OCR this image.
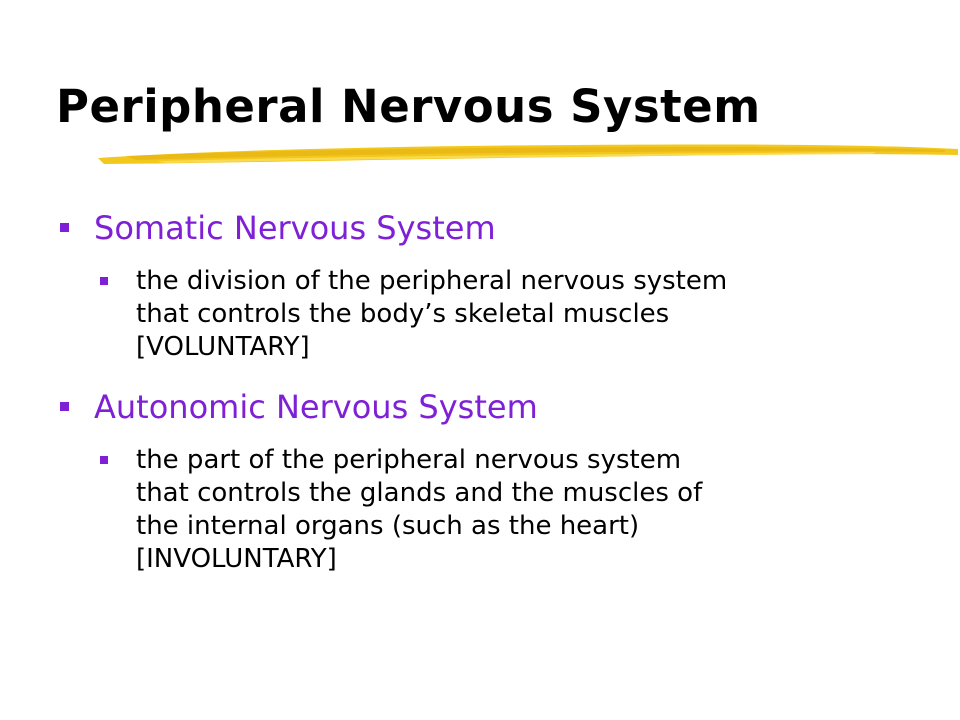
Peripheral Nervous System
Somatic Nervous System
the division of the peripheral nervous system
that controls the body’s skeletal muscles
[VOLUNTARY]
Autonomic Nervous System
the part of the peripheral nervous system
that controls the glands and the muscles of
the internal organs (such as the heart)
[INVOLUNTARY]
